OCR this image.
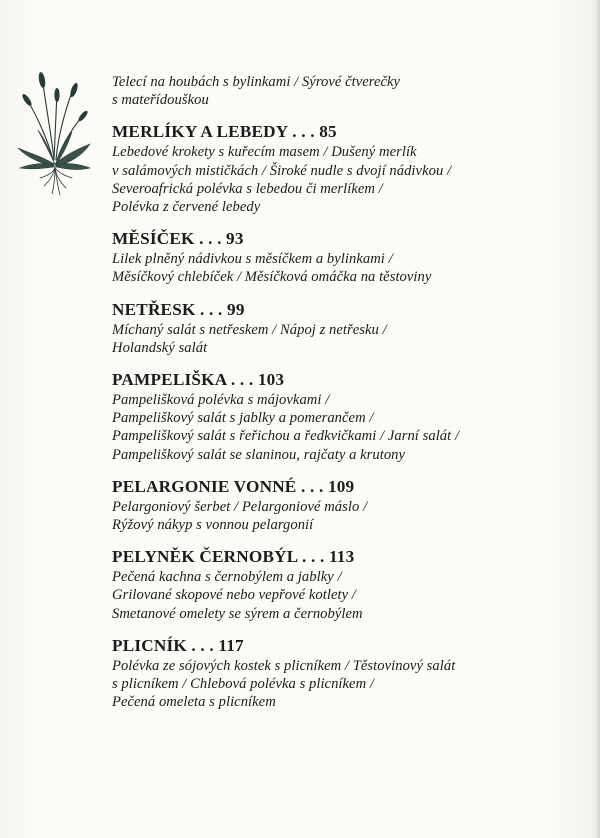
Telecí na houbách s bylinkami / Sýrové čtverečky

s mateřídouškou

MERLÍKY A LEBEDY . . . 85

Lebedové krokety s kuřecím masem / Dušený merlík

v salámových mističkách / Široké nudle s dvojí nádivkou /

Severoafrická polévka s lebedou či merlíkem /

Polévka z červené lebedy

MĚSÍČEK . . . 93

Lilek plněný nádivkou s měsíčkem a bylinkami /

Měsíčkový chlebíček / Měsíčková omáčka na těstoviny

NETŘESK . . . 99

Míchaný salát s netřeskem / Nápoj z netřesku /

Holandský salát

PAMPELIŠKA . . . 103

Pampelišková polévka s májovkami /

Pampeliškový salát s jablky a pomerančem /

Pampeliškový salát s řeřichou a ředkvičkami / Jarní salát /

Pampeliškový salát se slaninou, rajčaty a krutony

PELARGONIE VONNÉ . . . 109

Pelargoniový šerbet / Pelargoniové máslo /

Rýžový nákyp s vonnou pelargonií

PELYNĚK ČERNOBÝL . . . 113

Pečená kachna s černobýlem a jablky /

Grilované skopové nebo vepřové kotlety /

Smetanové omelety se sýrem a černobýlem

PLICNÍK . . . 117

Polévka ze sójových kostek s plicníkem / Těstovinový salát

s plicníkem / Chlebová polévka s plicníkem /

Pečená omeleta s plicníkem
